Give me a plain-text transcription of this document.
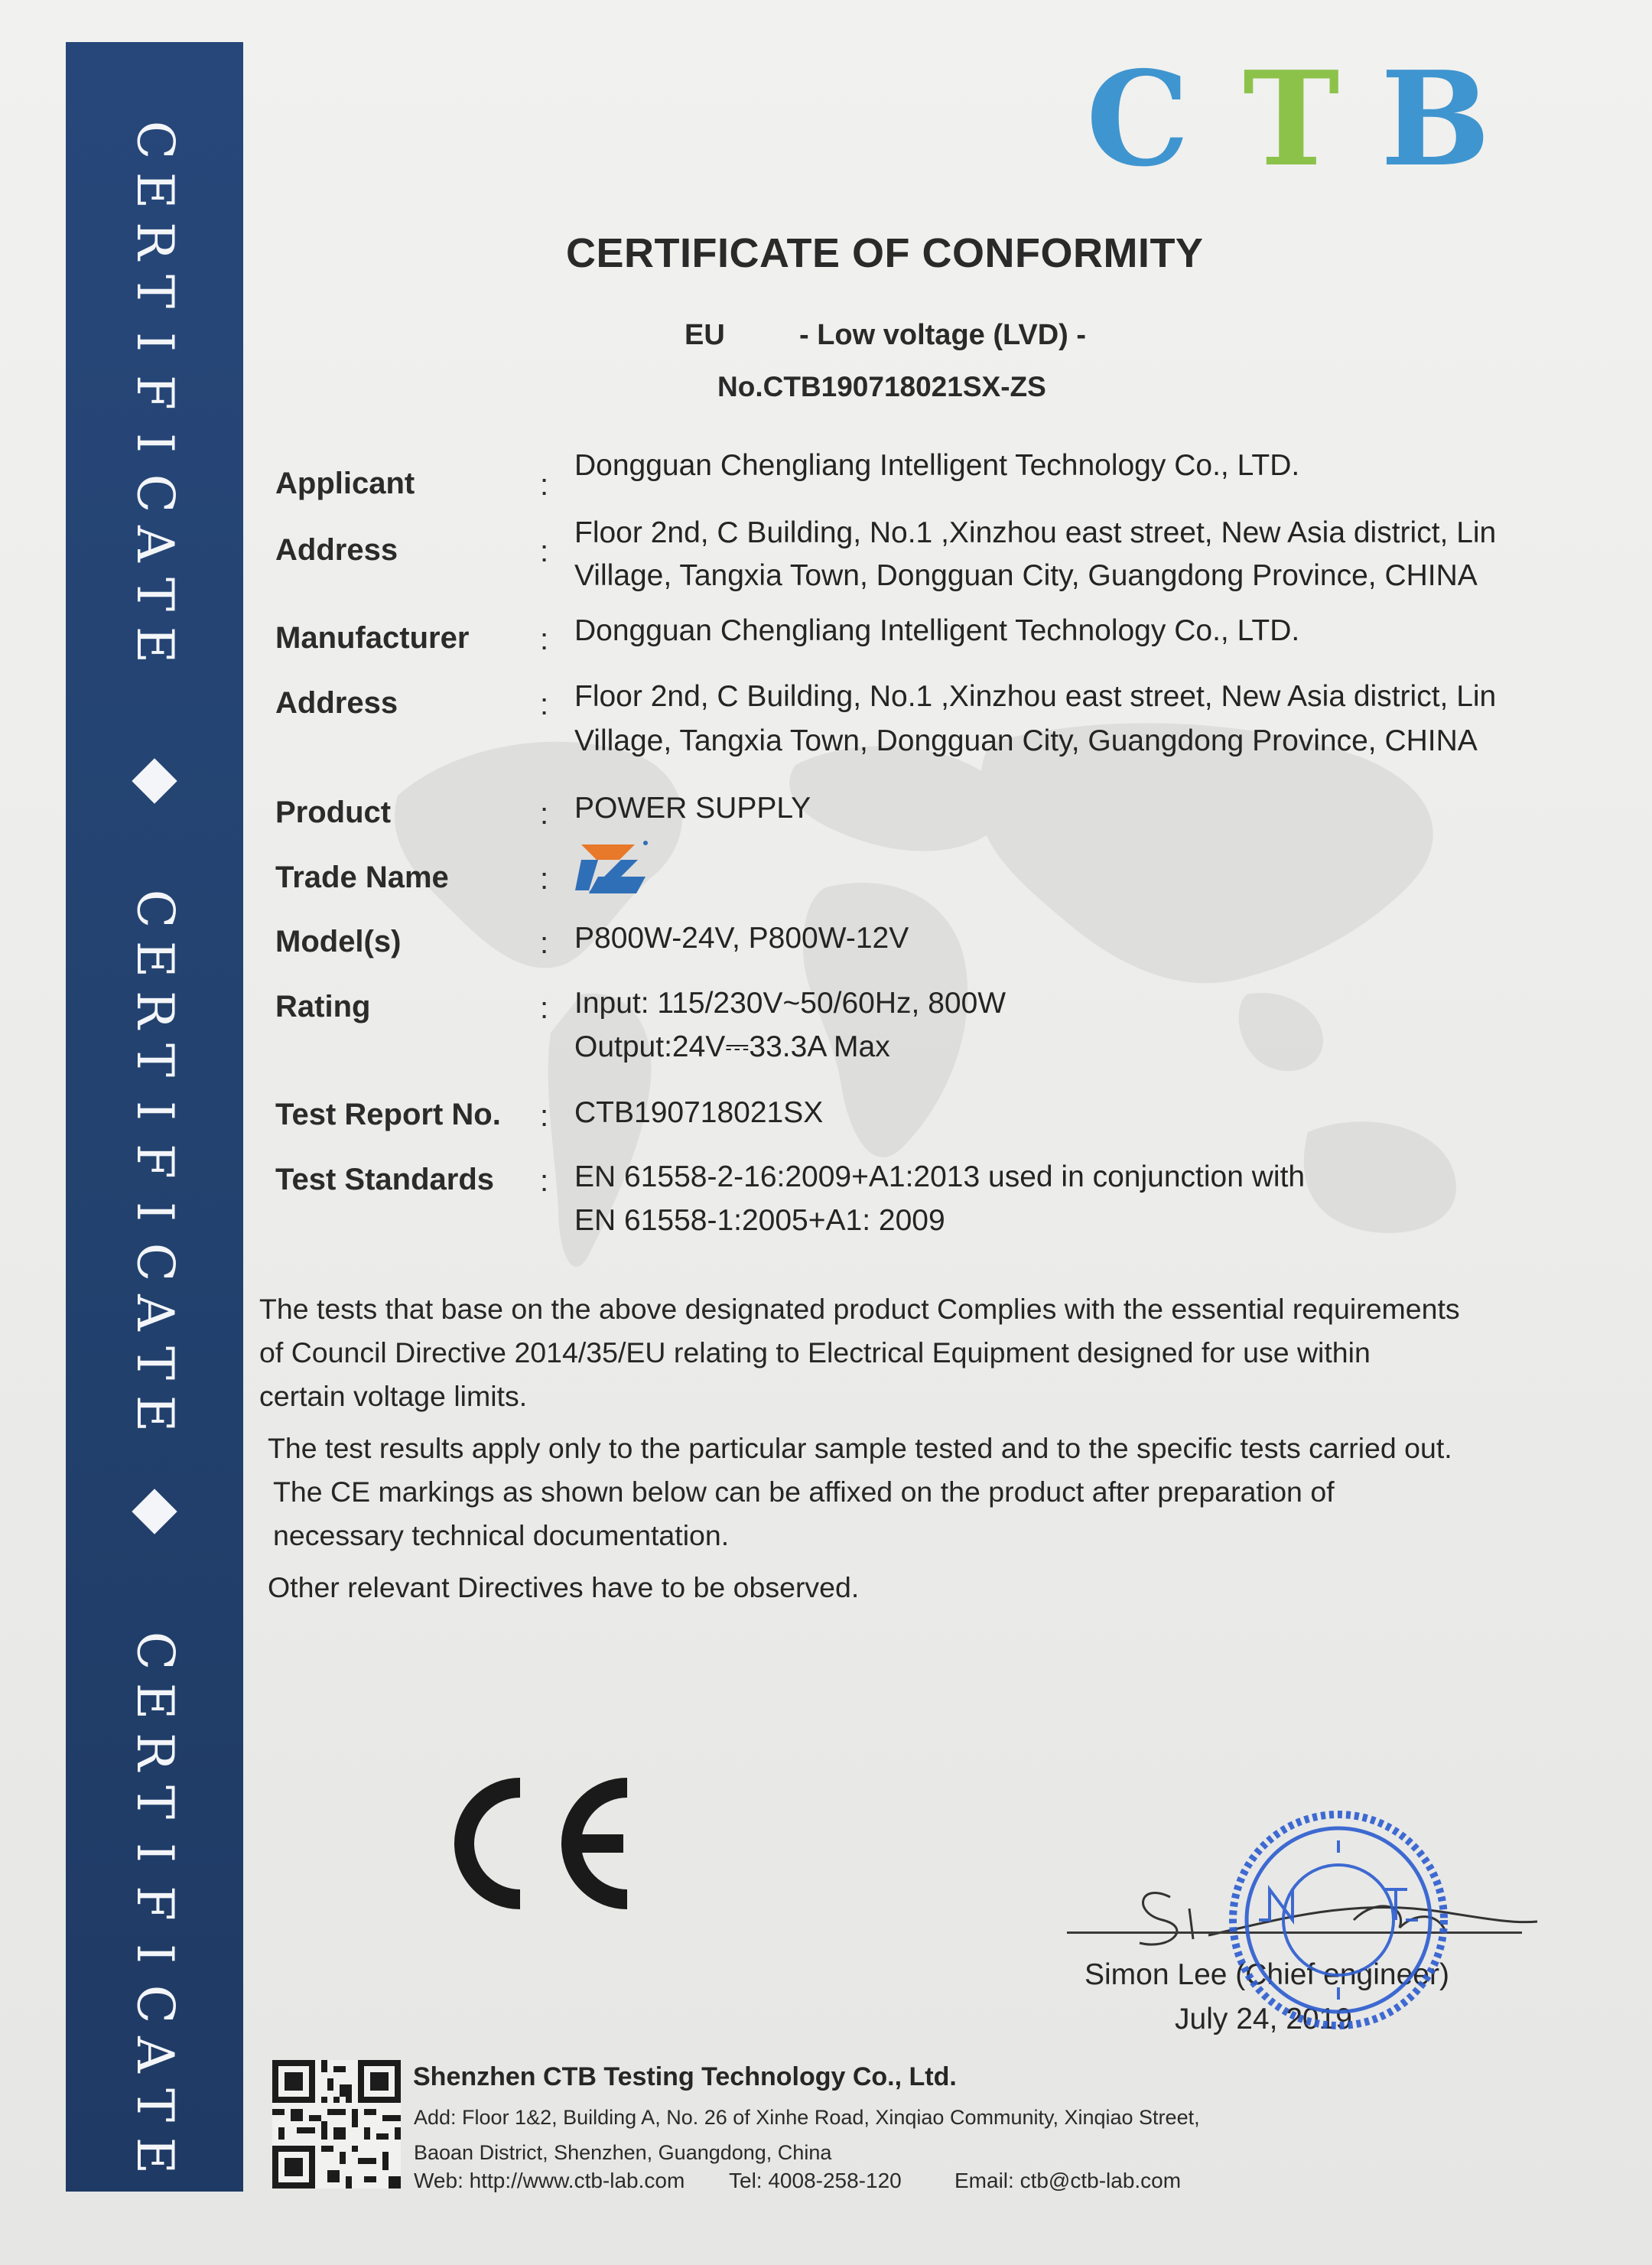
C
E
R
T
I
F
I
C
A
T
E
C
E
R
T
I
F
I
C
A
T
E
C
E
R
T
I
F
I
C
A
T
E
C T B
CERTIFICATE OF CONFORMITY
EU	- Low voltage (LVD) -
No.CTB190718021SX-ZS
Applicant	:
Dongguan Chengliang Intelligent Technology Co., LTD.
Address	:
Floor 2nd, C Building, No.1 ,Xinzhou east street, New Asia district, Lin
Village, Tangxia Town, Dongguan City, Guangdong Province, CHINA
Manufacturer : Dongguan Chengliang Intelligent Technology Co., LTD.
Address	: Floor 2nd, C Building, No.1 ,Xinzhou east street, New Asia district, Lin
Village, Tangxia Town, Dongguan City, Guangdong Province, CHINA
Product	: POWER SUPPLY
Trade Name	:
Model(s)	: P800W-24V, P800W-12V
Rating	: Input: 115/230V~50/60Hz, 800W
Output:24V⎓33.3A Max
Test Report No. : CTB190718021SX
Test Standards : EN 61558-2-16:2009+A1:2013 used in conjunction with
EN 61558-1:2005+A1: 2009
The tests that base on the above designated product Complies with the essential requirements
of Council Directive 2014/35/EU relating to Electrical Equipment designed for use within
certain voltage limits.
The test results apply only to the particular sample tested and to the specific tests carried out.
The CE markings as shown below can be affixed on the product after preparation of
necessary technical documentation.
Other relevant Directives have to be observed.
Simon Lee (Chief engineer)
July 24, 2019
Shenzhen CTB Testing Technology Co., Ltd.
Add: Floor 1&2, Building A, No. 26 of Xinhe Road, Xinqiao Community, Xinqiao Street,
Baoan District, Shenzhen, Guangdong, China
Web: http://www.ctb-lab.com Tel: 4008-258-120 Email: ctb@ctb-lab.com
